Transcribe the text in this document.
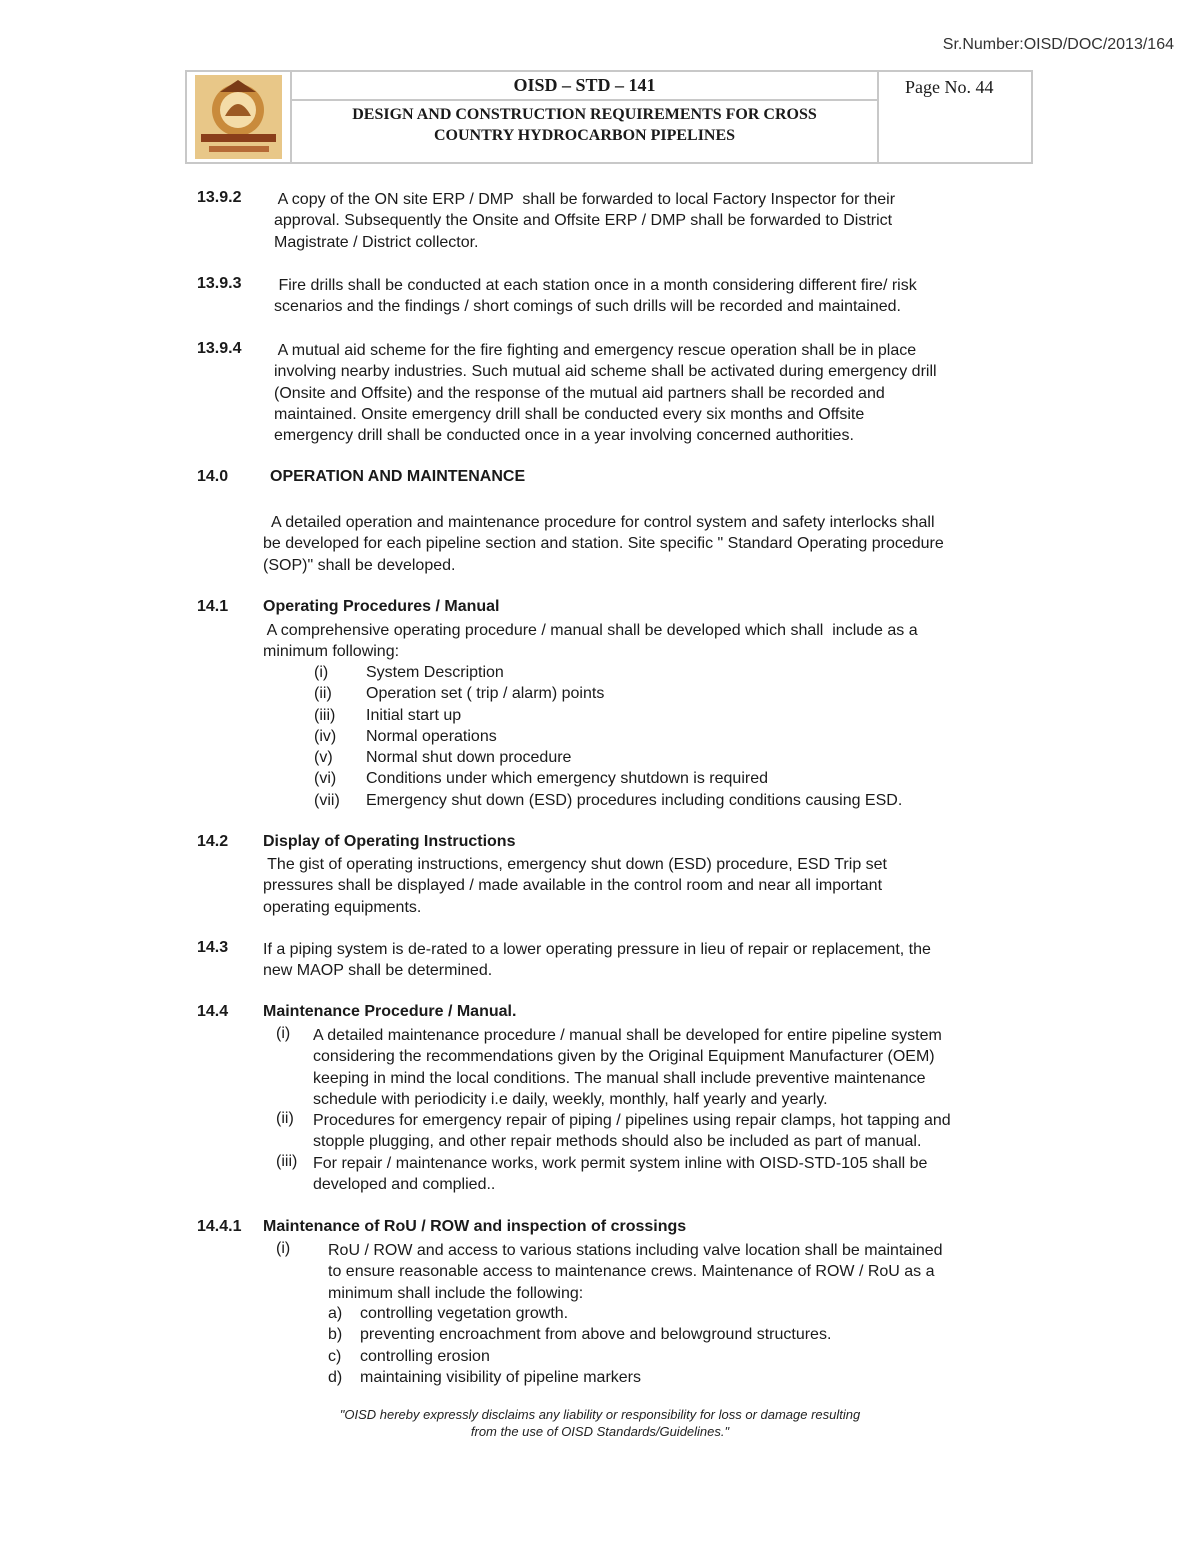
Sr.Number:OISD/DOC/2013/164
OISD – STD – 141
DESIGN AND CONSTRUCTION REQUIREMENTS FOR CROSS
COUNTRY HYDROCARBON PIPELINES
Page No. 44
13.9.2 A copy of the ON site ERP / DMP  shall be forwarded to local Factory Inspector for their
approval. Subsequently the Onsite and Offsite ERP / DMP shall be forwarded to District
Magistrate / District collector.
13.9.3 Fire drills shall be conducted at each station once in a month considering different fire/ risk
scenarios and the findings / short comings of such drills will be recorded and maintained.
13.9.4 A mutual aid scheme for the fire fighting and emergency rescue operation shall be in place
involving nearby industries. Such mutual aid scheme shall be activated during emergency drill
(Onsite and Offsite) and the response of the mutual aid partners shall be recorded and
maintained. Onsite emergency drill shall be conducted every six months and Offsite
emergency drill shall be conducted once in a year involving concerned authorities.
14.0	OPERATION AND MAINTENANCE
A detailed operation and maintenance procedure for control system and safety interlocks shall
be developed for each pipeline section and station. Site specific " Standard Operating procedure
(SOP)" shall be developed.
14.1 Operating Procedures / Manual
A comprehensive operating procedure / manual shall be developed which shall  include as a
minimum following:
(i) System Description
(ii) Operation set ( trip / alarm) points
(iii) Initial start up
(iv) Normal operations
(v) Normal shut down procedure
(vi) Conditions under which emergency shutdown is required
(vii) Emergency shut down (ESD) procedures including conditions causing ESD.
14.2 Display of Operating Instructions
The gist of operating instructions, emergency shut down (ESD) procedure, ESD Trip set
pressures shall be displayed / made available in the control room and near all important
operating equipments.
14.3 If a piping system is de-rated to a lower operating pressure in lieu of repair or replacement, the
new MAOP shall be determined.
14.4 Maintenance Procedure / Manual.
(i) A detailed maintenance procedure / manual shall be developed for entire pipeline system
considering the recommendations given by the Original Equipment Manufacturer (OEM)
keeping in mind the local conditions. The manual shall include preventive maintenance
schedule with periodicity i.e daily, weekly, monthly, half yearly and yearly.
(ii) Procedures for emergency repair of piping / pipelines using repair clamps, hot tapping and
stopple plugging, and other repair methods should also be included as part of manual.
(iii) For repair / maintenance works, work permit system inline with OISD-STD-105 shall be
developed and complied..
14.4.1 Maintenance of RoU / ROW and inspection of crossings
(i) RoU / ROW and access to various stations including valve location shall be maintained
to ensure reasonable access to maintenance crews. Maintenance of ROW / RoU as a
minimum shall include the following:
a) controlling vegetation growth.
b) preventing encroachment from above and belowground structures.
c) controlling erosion
d) maintaining visibility of pipeline markers
"OISD hereby expressly disclaims any liability or responsibility for loss or damage resulting
from the use of OISD Standards/Guidelines."
